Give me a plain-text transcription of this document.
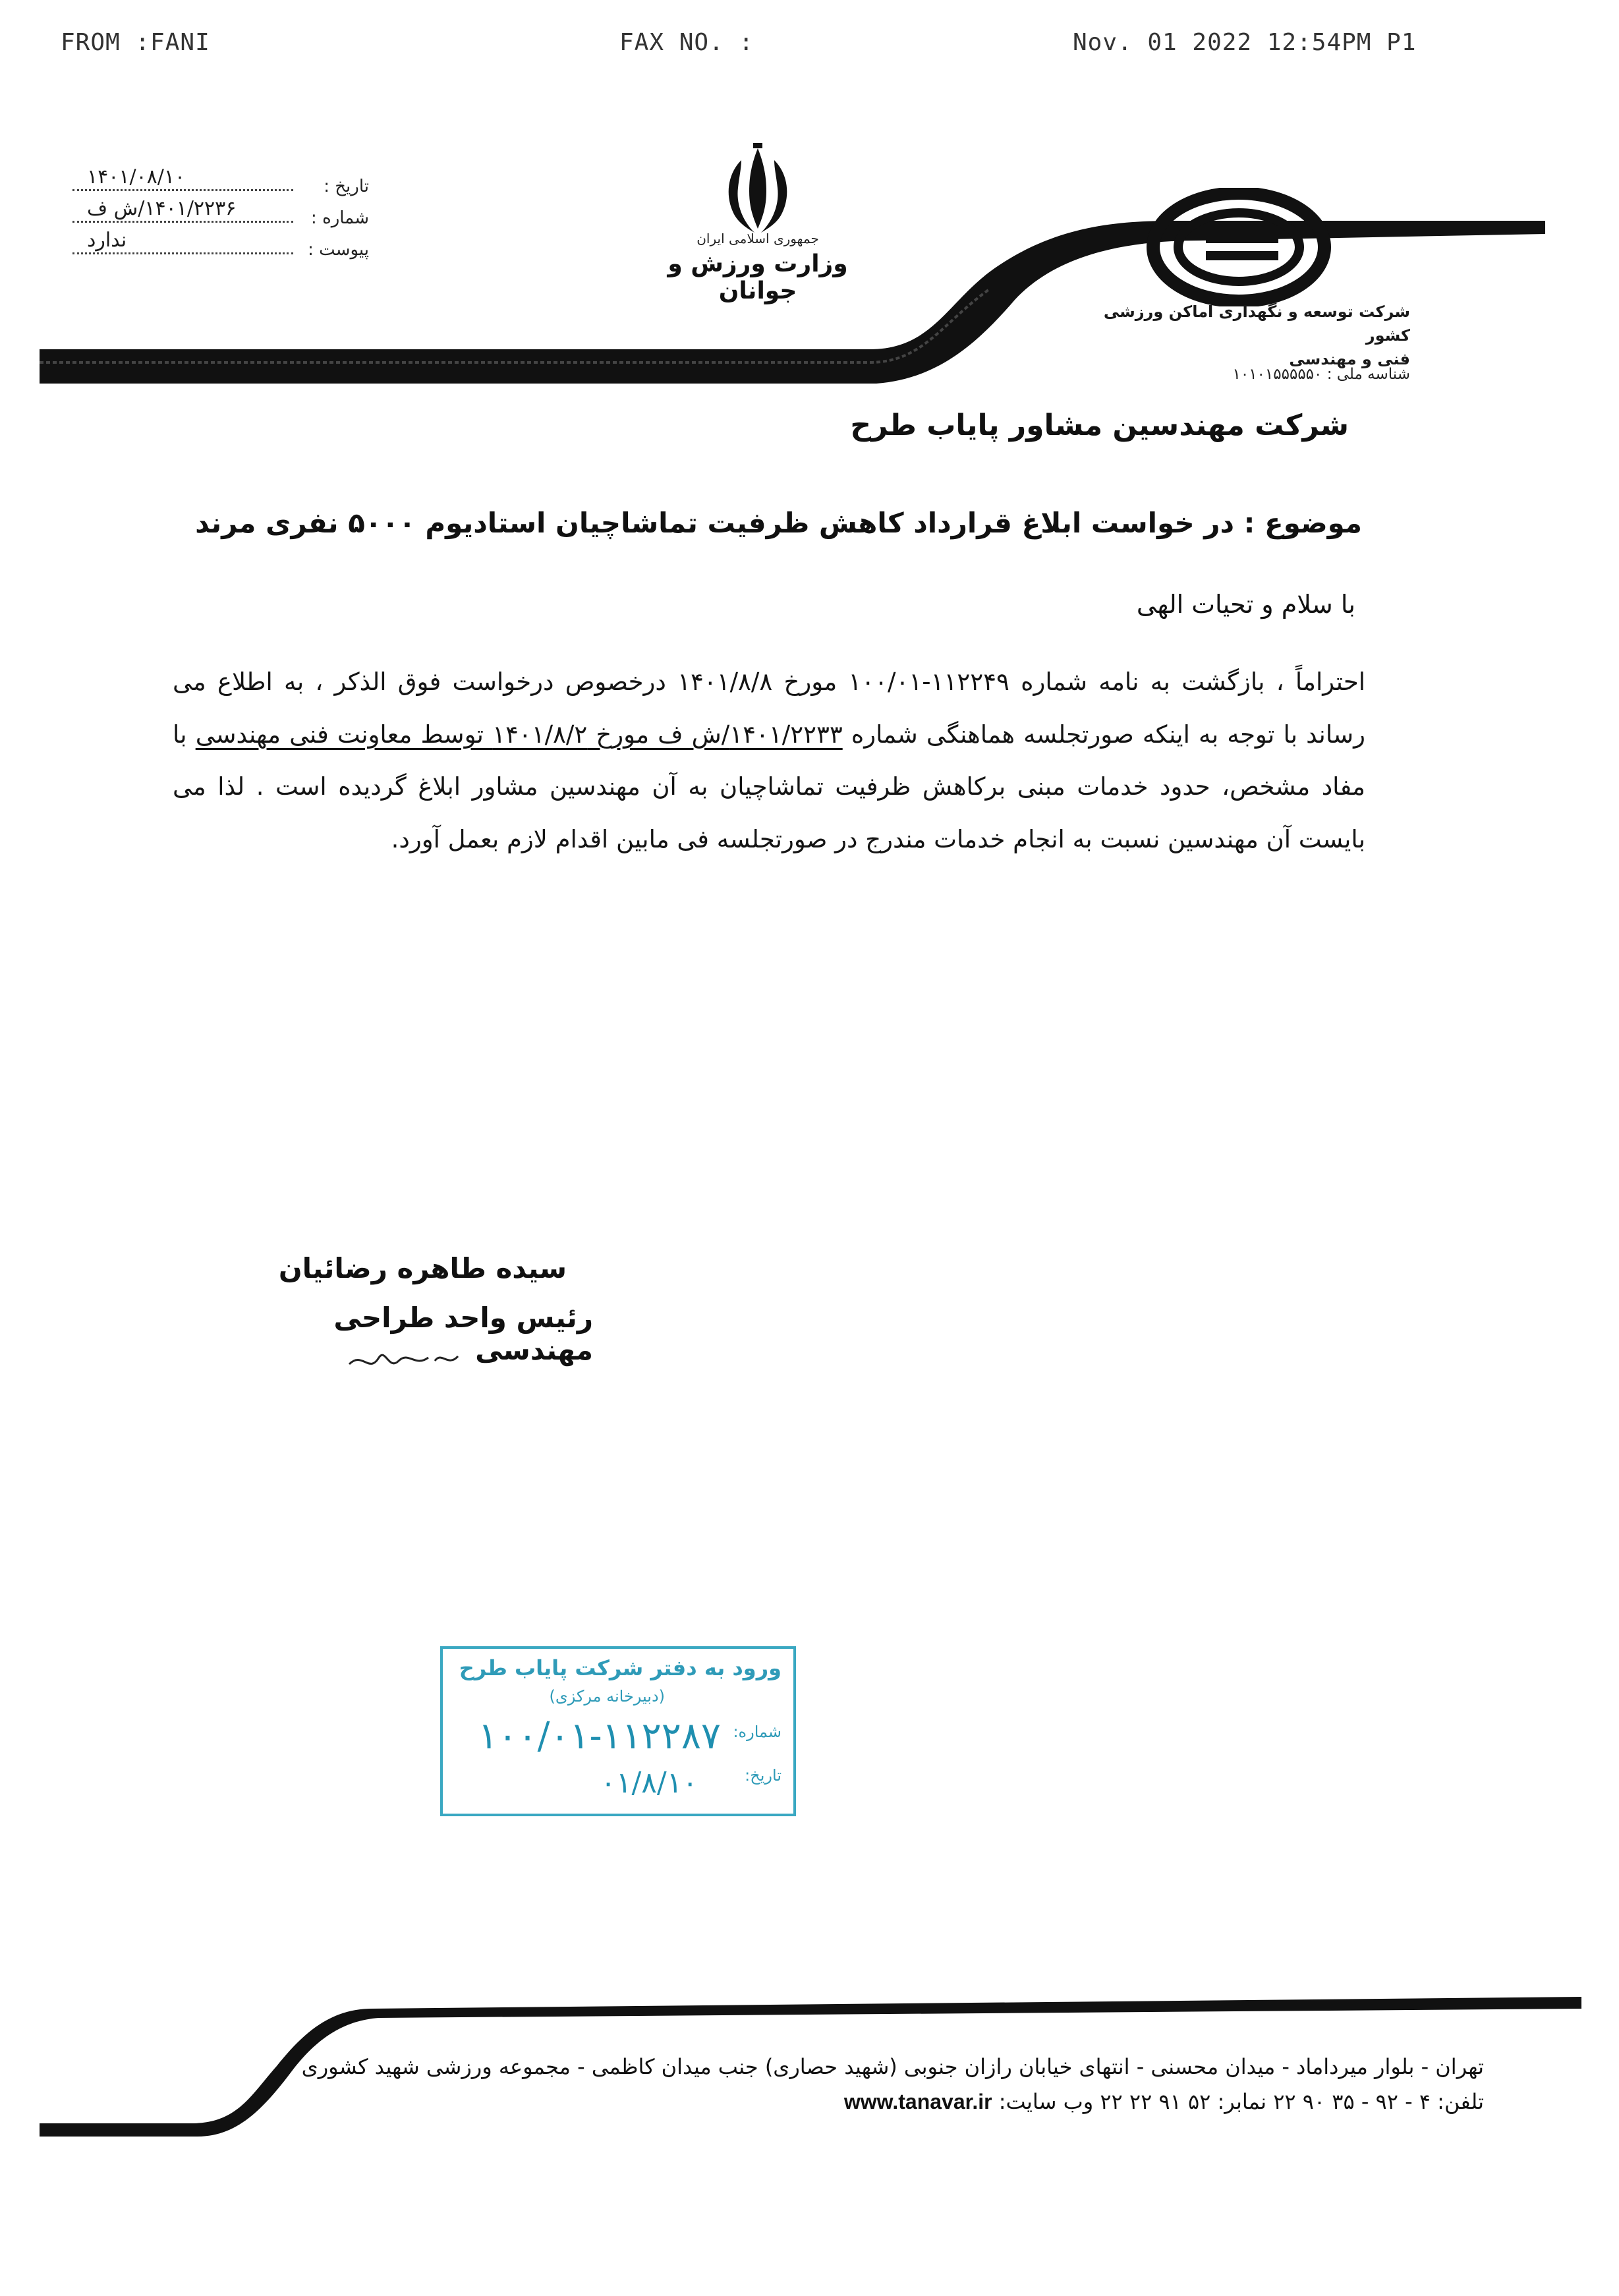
FROM :FANI	FAX NO. :	Nov. 01 2022 12:54PM P1
جمهوری اسلامی ایران
وزارت ورزش و جوانان
شرکت توسعه و نگهداری اماکن ورزشی کشور
فنی و مهندسی
شناسه ملی : ۱۰۱۰۱۵۵۵۵۵۰
تاریخ :
۱۴۰۱/۰۸/۱۰
شماره :
۱۴۰۱/۲۲۳۶/ش ف
پیوست :
ندارد
شرکت مهندسین مشاور پایاب طرح
موضوع : در خواست ابلاغ قرارداد کاهش ظرفیت تماشاچیان استادیوم ۵۰۰۰ نفری مرند
با سلام و تحیات الهی
احتراماً ، بازگشت به نامه شماره ۱۱۲۲۴۹-۱۰۰/۰۱ مورخ ۱۴۰۱/۸/۸ درخصوص درخواست فوق الذکر ، به اطلاع می رساند با توجه به اینکه صورتجلسه هماهنگی شماره ۱۴۰۱/۲۲۳۳/ش ف مورخ ۱۴۰۱/۸/۲ توسط معاونت فنی مهندسی با مفاد مشخص، حدود خدمات مبنی برکاهش ظرفیت تماشاچیان به آن مهندسین مشاور ابلاغ گردیده است . لذا می بایست آن مهندسین نسبت به انجام خدمات مندرج در صورتجلسه فی مابین اقدام لازم بعمل آورد.
سیده طاهره رضائیان
رئیس واحد طراحی مهندسی
ورود به دفتر شرکت پایاب طرح
(دبیرخانه مرکزی)
شماره:
۱۰۰/۰۱-۱۱۲۲۸۷
تاریخ:
۰۱/۸/۱۰
تهران - بلوار میرداماد - میدان محسنی - انتهای خیابان رازان جنوبی (شهید حصاری) جنب میدان کاظمی - مجموعه ورزشی شهید کشوری
تلفن: ۴ - ۹۲ - ۳۵ ۹۰ ۲۲ نمابر: ۵۲ ۹۱ ۲۲ ۲۲ وب سایت: www.tanavar.ir
